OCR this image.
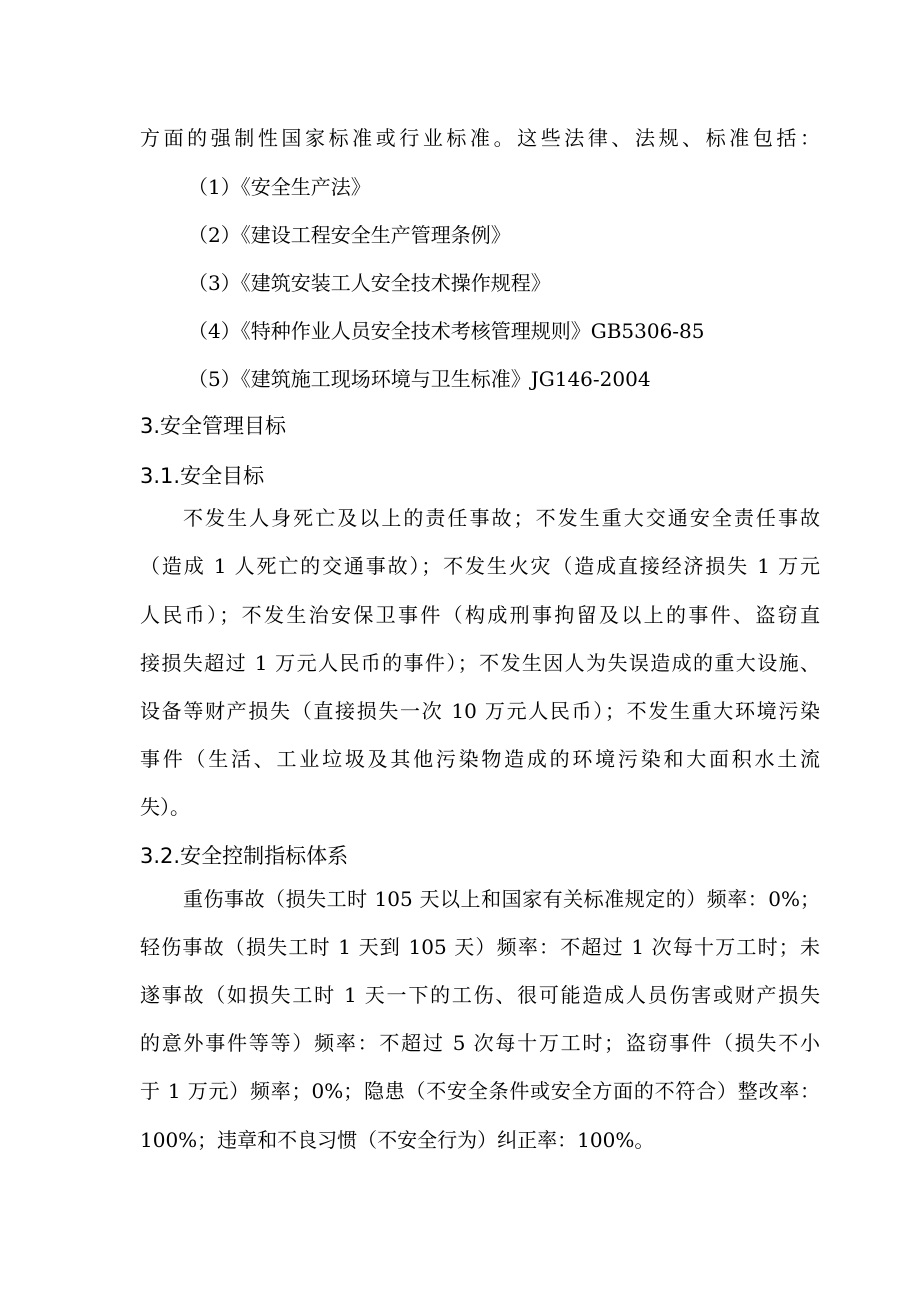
方面的强制性国家标准或行业标准。这些法律、法规、标准包括：
（1）《安全生产法》
（2）《建设工程安全生产管理条例》
（3）《建筑安装工人安全技术操作规程》
（4）《特种作业人员安全技术考核管理规则》GB5306-85
（5）《建筑施工现场环境与卫生标准》JG146-2004
3.安全管理目标
3.1.安全目标
不发生人身死亡及以上的责任事故；不发生重大交通安全责任事故
（造成 1 人死亡的交通事故）；不发生火灾（造成直接经济损失 1 万元
人民币）；不发生治安保卫事件（构成刑事拘留及以上的事件、盗窃直
接损失超过 1 万元人民币的事件）；不发生因人为失误造成的重大设施、
设备等财产损失（直接损失一次 10 万元人民币）；不发生重大环境污染
事件（生活、工业垃圾及其他污染物造成的环境污染和大面积水土流
失）。
3.2.安全控制指标体系
重伤事故（损失工时 105 天以上和国家有关标准规定的）频率：0%；
轻伤事故（损失工时 1 天到 105 天）频率：不超过 1 次每十万工时；未
遂事故（如损失工时 1 天一下的工伤、很可能造成人员伤害或财产损失
的意外事件等等）频率：不超过 5 次每十万工时；盗窃事件（损失不小
于 1 万元）频率；0%；隐患（不安全条件或安全方面的不符合）整改率：
100%；违章和不良习惯（不安全行为）纠正率：100%。
